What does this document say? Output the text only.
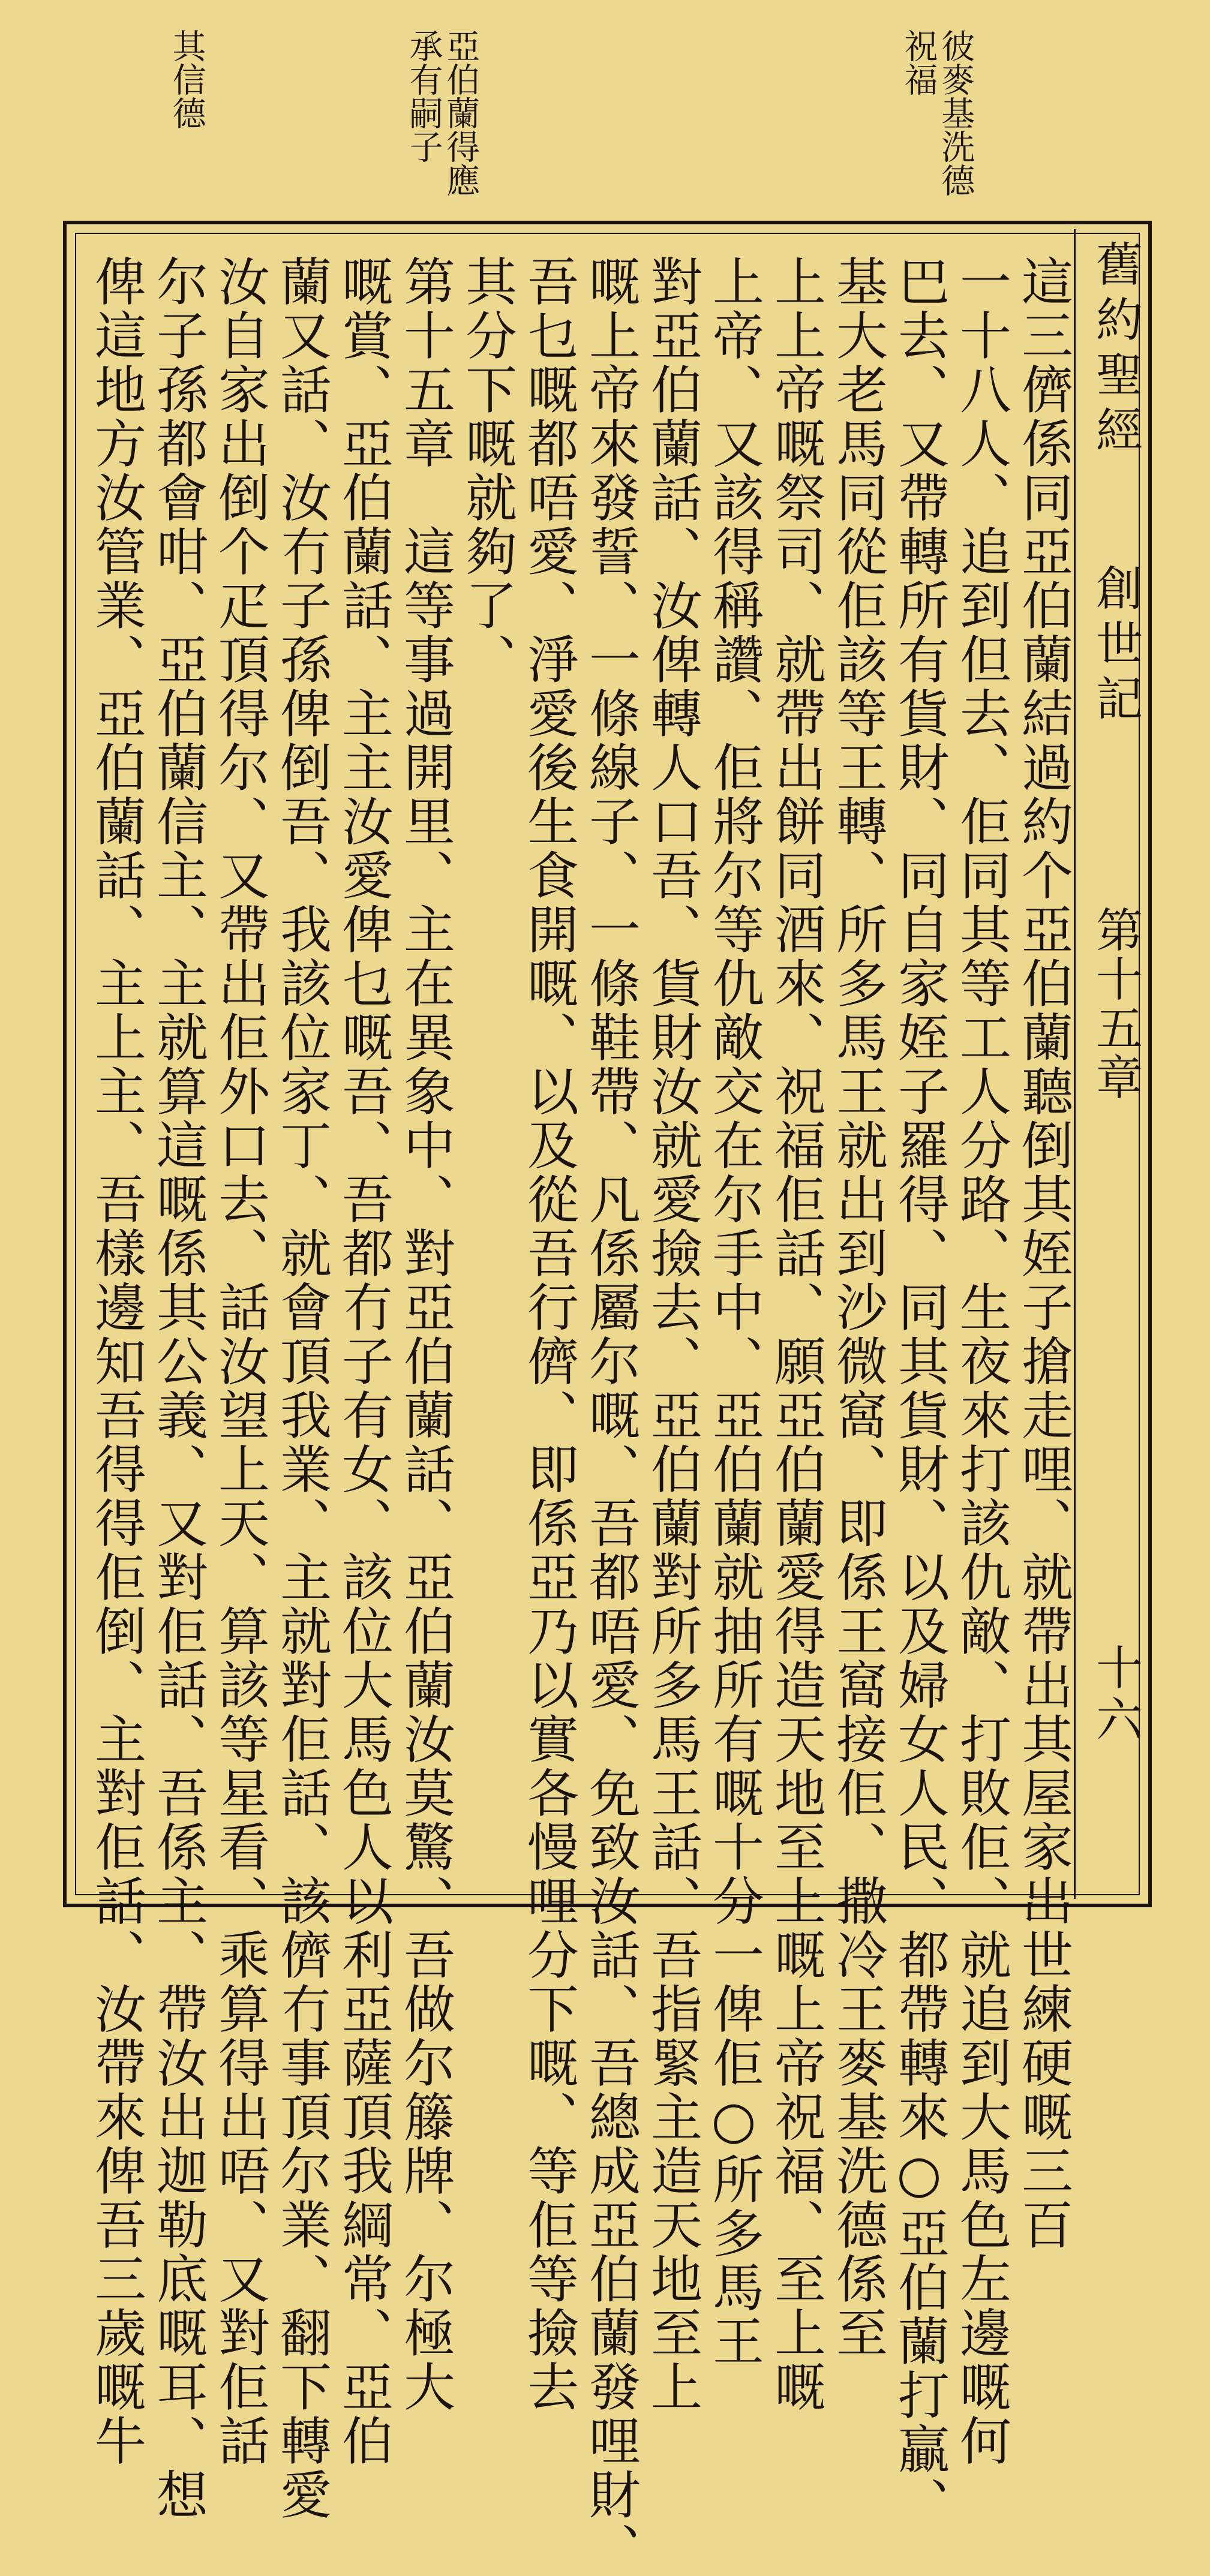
彼麥基洗德
祝福
亞伯蘭得應
承有嗣子
其信德
舊約聖經
創世記
第十五章
十六
這三儕係同亞伯蘭結過約个亞伯蘭聽倒其姪子搶走哩、就帶出其屋家出世練硬嘅三百
一十八人、追到但去、佢同其等工人分路、生夜來打該仇敵、打敗佢、就追到大馬色左邊嘅何
巴去、又帶轉所有貨財、同自家姪子羅得、同其貨財、以及婦女人民、都帶轉來○亞伯蘭打贏、
基大老馬同從佢該等王轉、所多馬王就出到沙微窩、即係王窩接佢、撒冷王麥基洗德係至
上上帝嘅祭司、就帶出餅同酒來、祝福佢話、願亞伯蘭愛得造天地至上嘅上帝祝福、至上嘅
上帝、又該得稱讚、佢將尔等仇敵交在尔手中、亞伯蘭就抽所有嘅十分一俾佢○所多馬王
對亞伯蘭話、汝俾轉人口吾、貨財汝就愛撿去、亞伯蘭對所多馬王話、吾指緊主造天地至上
嘅上帝來發誓、一條線子、一條鞋帶、凡係屬尔嘅、吾都唔愛、免致汝話、吾總成亞伯蘭發哩財、
吾乜嘅都唔愛、淨愛後生食開嘅、以及從吾行儕、即係亞乃以實各慢哩分下嘅、等佢等撿去
其分下嘅就夠了、
第十五章　這等事過開里、主在異象中、對亞伯蘭話、亞伯蘭汝莫驚、吾做尔籐牌、尔極大
嘅賞、亞伯蘭話、主主汝愛俾乜嘅吾、吾都冇子有女、該位大馬色人以利亞薩頂我綱常、亞伯
蘭又話、汝冇子孫俾倒吾、我該位家丁、就會頂我業、主就對佢話、該儕冇事頂尔業、翻下轉愛
汝自家出倒个疋頂得尔、又帶出佢外口去、話汝望上天、算該等星看、乘算得出唔、又對佢話
尔子孫都會咁、亞伯蘭信主、主就算這嘅係其公義、又對佢話、吾係主、帶汝出迦勒底嘅耳、想
俾這地方汝管業、亞伯蘭話、主上主、吾樣邊知吾得得佢倒、主對佢話、汝帶來俾吾三歲嘅牛
